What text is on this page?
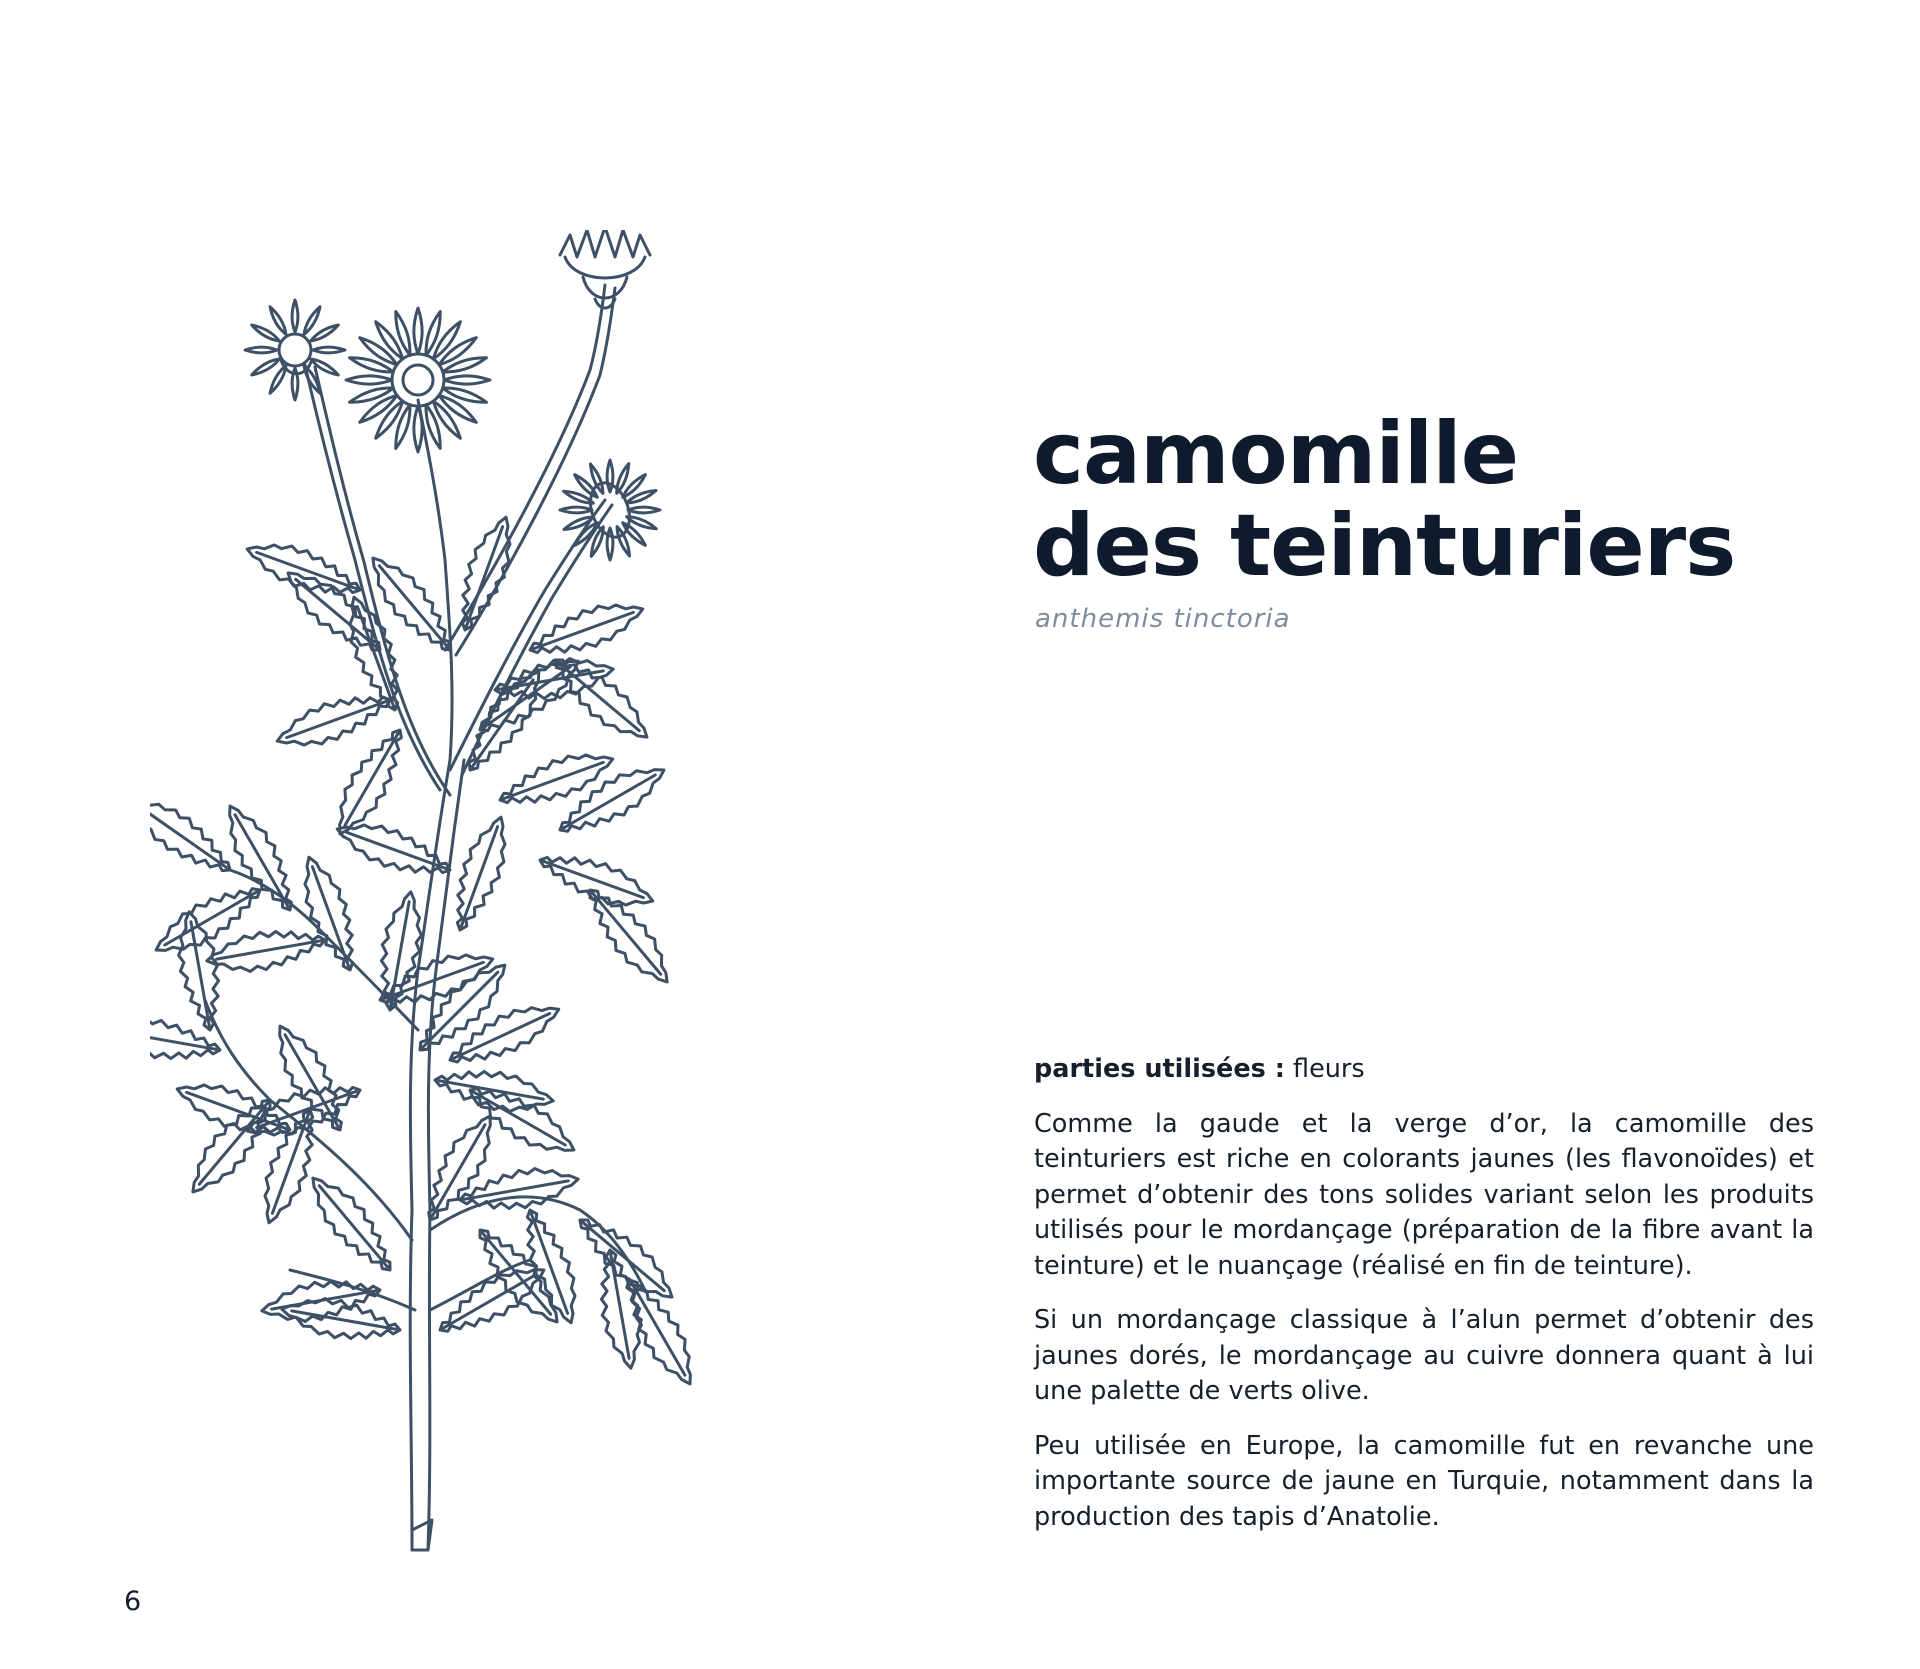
camomille
des teinturiers

anthemis tinctoria

parties utilisées : fleurs

Comme la gaude et la verge d’or, la camomille des teinturiers est riche en colorants jaunes (les flavonoïdes) et permet d’obtenir des tons solides variant selon les produits utilisés pour le mordançage (préparation de la fibre avant la teinture) et le nuançage (réalisé en fin de teinture).

Si un mordançage classique à l’alun permet d’obtenir des jaunes dorés, le mordançage au cuivre donnera quant à lui une palette de verts olive.

Peu utilisée en Europe, la camomille fut en revanche une importante source de jaune en Turquie, notamment dans la production des tapis d’Anatolie.

6
